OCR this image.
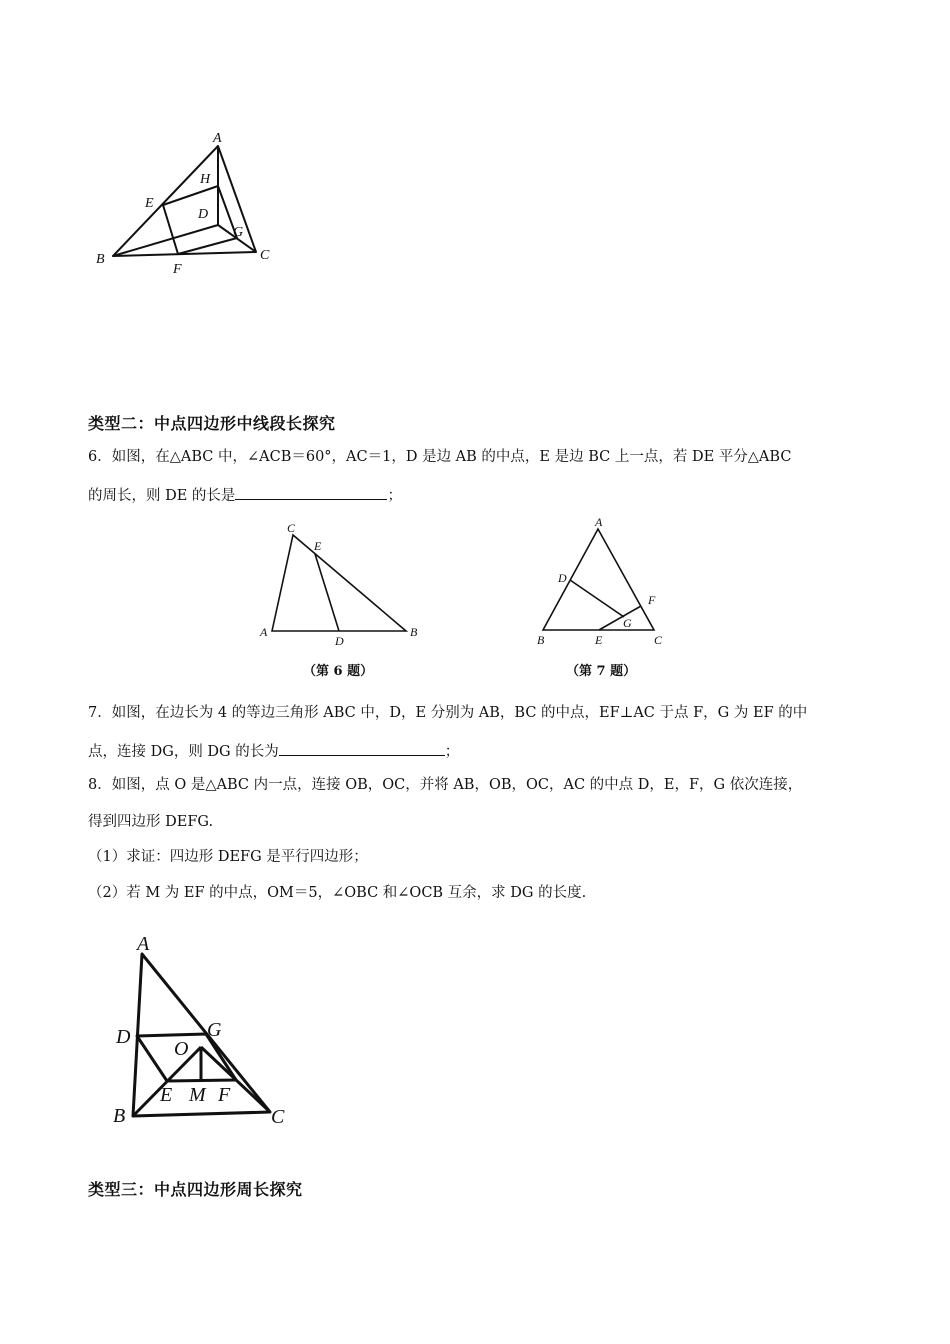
A
B	C
D
E
F
G
H
类型二：中点四边形中线段长探究
6．如图，在△ABC 中，∠ACB＝60°，AC＝1，D 是边 AB 的中点，E 是边 BC 上一点，若 DE 平分△ABC
的周长，则 DE 的长是	；
A	B
C
D
E
（第 6 题）
A
B	C
D
E
F
G
（第 7 题）
7．如图，在边长为 4 的等边三角形 ABC 中，D，E 分别为 AB，BC 的中点，EF⊥AC 于点 F，G 为 EF 的中
点，连接 DG，则 DG 的长为	；
8．如图，点 O 是△ABC 内一点，连接 OB，OC，并将 AB，OB，OC，AC 的中点 D，E，F，G 依次连接，
得到四边形 DEFG.
（1）求证：四边形 DEFG 是平行四边形；
（2）若 M 为 EF 的中点，OM＝5，∠OBC 和∠OCB 互余，求 DG 的长度.
A
B	C
D	G
O
E M F
类型三：中点四边形周长探究
